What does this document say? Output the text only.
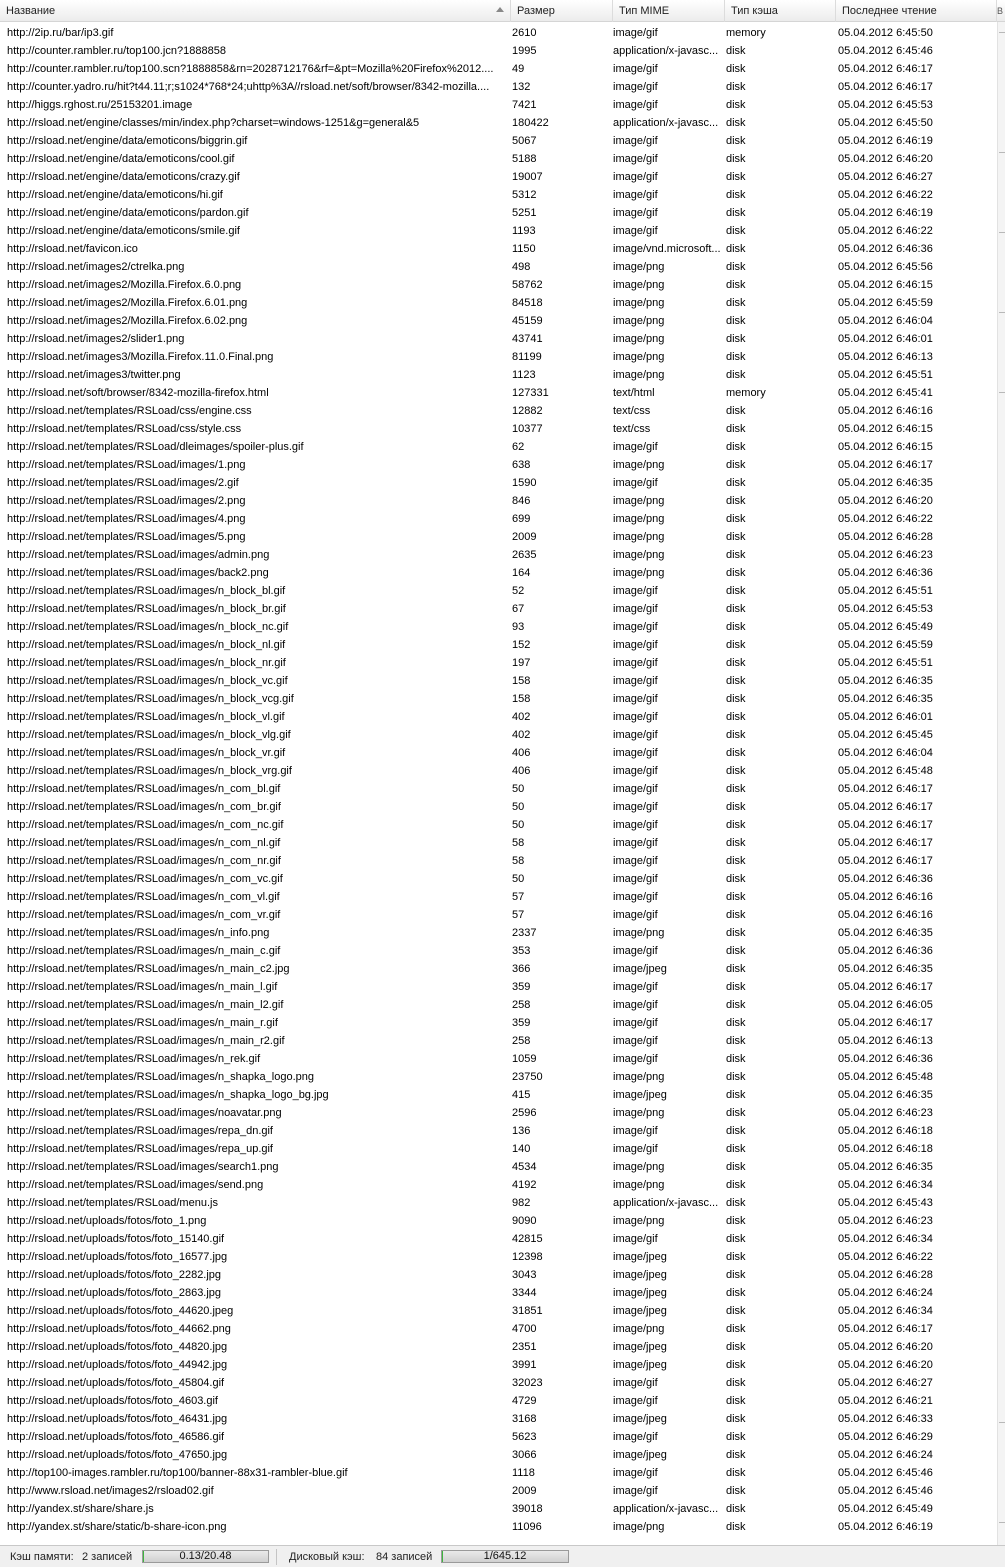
Название	Размер	Тип MIME	Тип кэша	Последнее чтение	В
http://2ip.ru/bar/ip3.gif	2610	image/gif	memory	05.04.2012 6:45:50
http://counter.rambler.ru/top100.jcn?1888858	1995	application/x-javasc... disk	05.04.2012 6:45:46
http://counter.rambler.ru/top100.scn?1888858&rn=2028712176&rf=&pt=Mozilla%20Firefox%2012....	49	image/gif	disk	05.04.2012 6:46:17
http://counter.yadro.ru/hit?t44.11;r;s1024*768*24;uhttp%3A//rsload.net/soft/browser/8342-mozilla....	132	image/gif	disk	05.04.2012 6:46:17
http://higgs.rghost.ru/25153201.image	7421	image/gif	disk	05.04.2012 6:45:53
http://rsload.net/engine/classes/min/index.php?charset=windows-1251&g=general&5	180422	application/x-javasc... disk	05.04.2012 6:45:50
http://rsload.net/engine/data/emoticons/biggrin.gif	5067	image/gif	disk	05.04.2012 6:46:19
http://rsload.net/engine/data/emoticons/cool.gif	5188	image/gif	disk	05.04.2012 6:46:20
http://rsload.net/engine/data/emoticons/crazy.gif	19007	image/gif	disk	05.04.2012 6:46:27
http://rsload.net/engine/data/emoticons/hi.gif	5312	image/gif	disk	05.04.2012 6:46:22
http://rsload.net/engine/data/emoticons/pardon.gif	5251	image/gif	disk	05.04.2012 6:46:19
http://rsload.net/engine/data/emoticons/smile.gif	1193	image/gif	disk	05.04.2012 6:46:22
http://rsload.net/favicon.ico	1150	image/vnd.microsoft... disk	05.04.2012 6:46:36
http://rsload.net/images2/ctrelka.png	498	image/png	disk	05.04.2012 6:45:56
http://rsload.net/images2/Mozilla.Firefox.6.0.png	58762	image/png	disk	05.04.2012 6:46:15
http://rsload.net/images2/Mozilla.Firefox.6.01.png	84518	image/png	disk	05.04.2012 6:45:59
http://rsload.net/images2/Mozilla.Firefox.6.02.png	45159	image/png	disk	05.04.2012 6:46:04
http://rsload.net/images2/slider1.png	43741	image/png	disk	05.04.2012 6:46:01
http://rsload.net/images3/Mozilla.Firefox.11.0.Final.png	81199	image/png	disk	05.04.2012 6:46:13
http://rsload.net/images3/twitter.png	1123	image/png	disk	05.04.2012 6:45:51
http://rsload.net/soft/browser/8342-mozilla-firefox.html	127331	text/html	memory	05.04.2012 6:45:41
http://rsload.net/templates/RSLoad/css/engine.css	12882	text/css	disk	05.04.2012 6:46:16
http://rsload.net/templates/RSLoad/css/style.css	10377	text/css	disk	05.04.2012 6:46:15
http://rsload.net/templates/RSLoad/dleimages/spoiler-plus.gif	62	image/gif	disk	05.04.2012 6:46:15
http://rsload.net/templates/RSLoad/images/1.png	638	image/png	disk	05.04.2012 6:46:17
http://rsload.net/templates/RSLoad/images/2.gif	1590	image/gif	disk	05.04.2012 6:46:35
http://rsload.net/templates/RSLoad/images/2.png	846	image/png	disk	05.04.2012 6:46:20
http://rsload.net/templates/RSLoad/images/4.png	699	image/png	disk	05.04.2012 6:46:22
http://rsload.net/templates/RSLoad/images/5.png	2009	image/png	disk	05.04.2012 6:46:28
http://rsload.net/templates/RSLoad/images/admin.png	2635	image/png	disk	05.04.2012 6:46:23
http://rsload.net/templates/RSLoad/images/back2.png	164	image/png	disk	05.04.2012 6:46:36
http://rsload.net/templates/RSLoad/images/n_block_bl.gif	52	image/gif	disk	05.04.2012 6:45:51
http://rsload.net/templates/RSLoad/images/n_block_br.gif	67	image/gif	disk	05.04.2012 6:45:53
http://rsload.net/templates/RSLoad/images/n_block_nc.gif	93	image/gif	disk	05.04.2012 6:45:49
http://rsload.net/templates/RSLoad/images/n_block_nl.gif	152	image/gif	disk	05.04.2012 6:45:59
http://rsload.net/templates/RSLoad/images/n_block_nr.gif	197	image/gif	disk	05.04.2012 6:45:51
http://rsload.net/templates/RSLoad/images/n_block_vc.gif	158	image/gif	disk	05.04.2012 6:46:35
http://rsload.net/templates/RSLoad/images/n_block_vcg.gif	158	image/gif	disk	05.04.2012 6:46:35
http://rsload.net/templates/RSLoad/images/n_block_vl.gif	402	image/gif	disk	05.04.2012 6:46:01
http://rsload.net/templates/RSLoad/images/n_block_vlg.gif	402	image/gif	disk	05.04.2012 6:45:45
http://rsload.net/templates/RSLoad/images/n_block_vr.gif	406	image/gif	disk	05.04.2012 6:46:04
http://rsload.net/templates/RSLoad/images/n_block_vrg.gif	406	image/gif	disk	05.04.2012 6:45:48
http://rsload.net/templates/RSLoad/images/n_com_bl.gif	50	image/gif	disk	05.04.2012 6:46:17
http://rsload.net/templates/RSLoad/images/n_com_br.gif	50	image/gif	disk	05.04.2012 6:46:17
http://rsload.net/templates/RSLoad/images/n_com_nc.gif	50	image/gif	disk	05.04.2012 6:46:17
http://rsload.net/templates/RSLoad/images/n_com_nl.gif	58	image/gif	disk	05.04.2012 6:46:17
http://rsload.net/templates/RSLoad/images/n_com_nr.gif	58	image/gif	disk	05.04.2012 6:46:17
http://rsload.net/templates/RSLoad/images/n_com_vc.gif	50	image/gif	disk	05.04.2012 6:46:36
http://rsload.net/templates/RSLoad/images/n_com_vl.gif	57	image/gif	disk	05.04.2012 6:46:16
http://rsload.net/templates/RSLoad/images/n_com_vr.gif	57	image/gif	disk	05.04.2012 6:46:16
http://rsload.net/templates/RSLoad/images/n_info.png	2337	image/png	disk	05.04.2012 6:46:35
http://rsload.net/templates/RSLoad/images/n_main_c.gif	353	image/gif	disk	05.04.2012 6:46:36
http://rsload.net/templates/RSLoad/images/n_main_c2.jpg	366	image/jpeg	disk	05.04.2012 6:46:35
http://rsload.net/templates/RSLoad/images/n_main_l.gif	359	image/gif	disk	05.04.2012 6:46:17
http://rsload.net/templates/RSLoad/images/n_main_l2.gif	258	image/gif	disk	05.04.2012 6:46:05
http://rsload.net/templates/RSLoad/images/n_main_r.gif	359	image/gif	disk	05.04.2012 6:46:17
http://rsload.net/templates/RSLoad/images/n_main_r2.gif	258	image/gif	disk	05.04.2012 6:46:13
http://rsload.net/templates/RSLoad/images/n_rek.gif	1059	image/gif	disk	05.04.2012 6:46:36
http://rsload.net/templates/RSLoad/images/n_shapka_logo.png	23750	image/png	disk	05.04.2012 6:45:48
http://rsload.net/templates/RSLoad/images/n_shapka_logo_bg.jpg	415	image/jpeg	disk	05.04.2012 6:46:35
http://rsload.net/templates/RSLoad/images/noavatar.png	2596	image/png	disk	05.04.2012 6:46:23
http://rsload.net/templates/RSLoad/images/repa_dn.gif	136	image/gif	disk	05.04.2012 6:46:18
http://rsload.net/templates/RSLoad/images/repa_up.gif	140	image/gif	disk	05.04.2012 6:46:18
http://rsload.net/templates/RSLoad/images/search1.png	4534	image/png	disk	05.04.2012 6:46:35
http://rsload.net/templates/RSLoad/images/send.png	4192	image/png	disk	05.04.2012 6:46:34
http://rsload.net/templates/RSLoad/menu.js	982	application/x-javasc... disk	05.04.2012 6:45:43
http://rsload.net/uploads/fotos/foto_1.png	9090	image/png	disk	05.04.2012 6:46:23
http://rsload.net/uploads/fotos/foto_15140.gif	42815	image/gif	disk	05.04.2012 6:46:34
http://rsload.net/uploads/fotos/foto_16577.jpg	12398	image/jpeg	disk	05.04.2012 6:46:22
http://rsload.net/uploads/fotos/foto_2282.jpg	3043	image/jpeg	disk	05.04.2012 6:46:28
http://rsload.net/uploads/fotos/foto_2863.jpg	3344	image/jpeg	disk	05.04.2012 6:46:24
http://rsload.net/uploads/fotos/foto_44620.jpeg	31851	image/jpeg	disk	05.04.2012 6:46:34
http://rsload.net/uploads/fotos/foto_44662.png	4700	image/png	disk	05.04.2012 6:46:17
http://rsload.net/uploads/fotos/foto_44820.jpg	2351	image/jpeg	disk	05.04.2012 6:46:20
http://rsload.net/uploads/fotos/foto_44942.jpg	3991	image/jpeg	disk	05.04.2012 6:46:20
http://rsload.net/uploads/fotos/foto_45804.gif	32023	image/gif	disk	05.04.2012 6:46:27
http://rsload.net/uploads/fotos/foto_4603.gif	4729	image/gif	disk	05.04.2012 6:46:21
http://rsload.net/uploads/fotos/foto_46431.jpg	3168	image/jpeg	disk	05.04.2012 6:46:33
http://rsload.net/uploads/fotos/foto_46586.gif	5623	image/gif	disk	05.04.2012 6:46:29
http://rsload.net/uploads/fotos/foto_47650.jpg	3066	image/jpeg	disk	05.04.2012 6:46:24
http://top100-images.rambler.ru/top100/banner-88x31-rambler-blue.gif	1118	image/gif	disk	05.04.2012 6:45:46
http://www.rsload.net/images2/rsload02.gif	2009	image/gif	disk	05.04.2012 6:45:46
http://yandex.st/share/share.js	39018	application/x-javasc... disk	05.04.2012 6:45:49
http://yandex.st/share/static/b-share-icon.png	11096	image/png	disk	05.04.2012 6:46:19
Кэш памяти: 2 записей	0.13/20.48	Дисковый кэш: 84 записей	1/645.12
